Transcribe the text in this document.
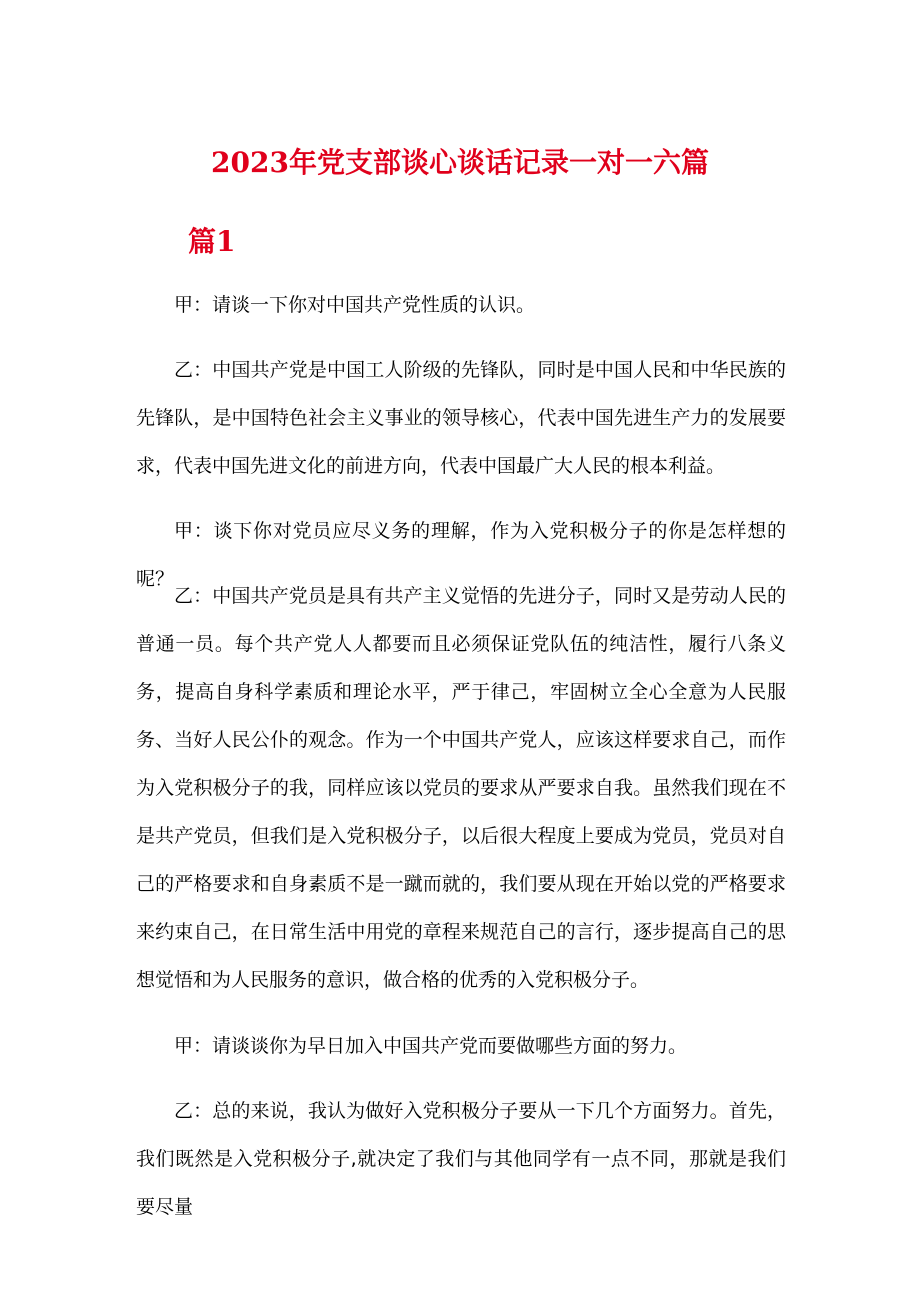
2023年党支部谈心谈话记录一对一六篇
篇1

甲：请谈一下你对中国共产党性质的认识。

乙：中国共产党是中国工人阶级的先锋队，同时是中国人民和中华民族的先锋队，是中国特色社会主义事业的领导核心，代表中国先进生产力的发展要求，代表中国先进文化的前进方向，代表中国最广大人民的根本利益。

甲：谈下你对党员应尽义务的理解，作为入党积极分子的你是怎样想的呢？

乙：中国共产党员是具有共产主义觉悟的先进分子，同时又是劳动人民的普通一员。每个共产党人人都要而且必须保证党队伍的纯洁性，履行八条义务，提高自身科学素质和理论水平，严于律己，牢固树立全心全意为人民服务、当好人民公仆的观念。作为一个中国共产党人，应该这样要求自己，而作为入党积极分子的我，同样应该以党员的要求从严要求自我。虽然我们现在不是共产党员，但我们是入党积极分子，以后很大程度上要成为党员，党员对自己的严格要求和自身素质不是一蹴而就的，我们要从现在开始以党的严格要求来约束自己，在日常生活中用党的章程来规范自己的言行，逐步提高自己的思想觉悟和为人民服务的意识，做合格的优秀的入党积极分子。

甲：请谈谈你为早日加入中国共产党而要做哪些方面的努力。

乙：总的来说，我认为做好入党积极分子要从一下几个方面努力。首先，我们既然是入党积极分子,就决定了我们与其他同学有一点不同，那就是我们要尽量
